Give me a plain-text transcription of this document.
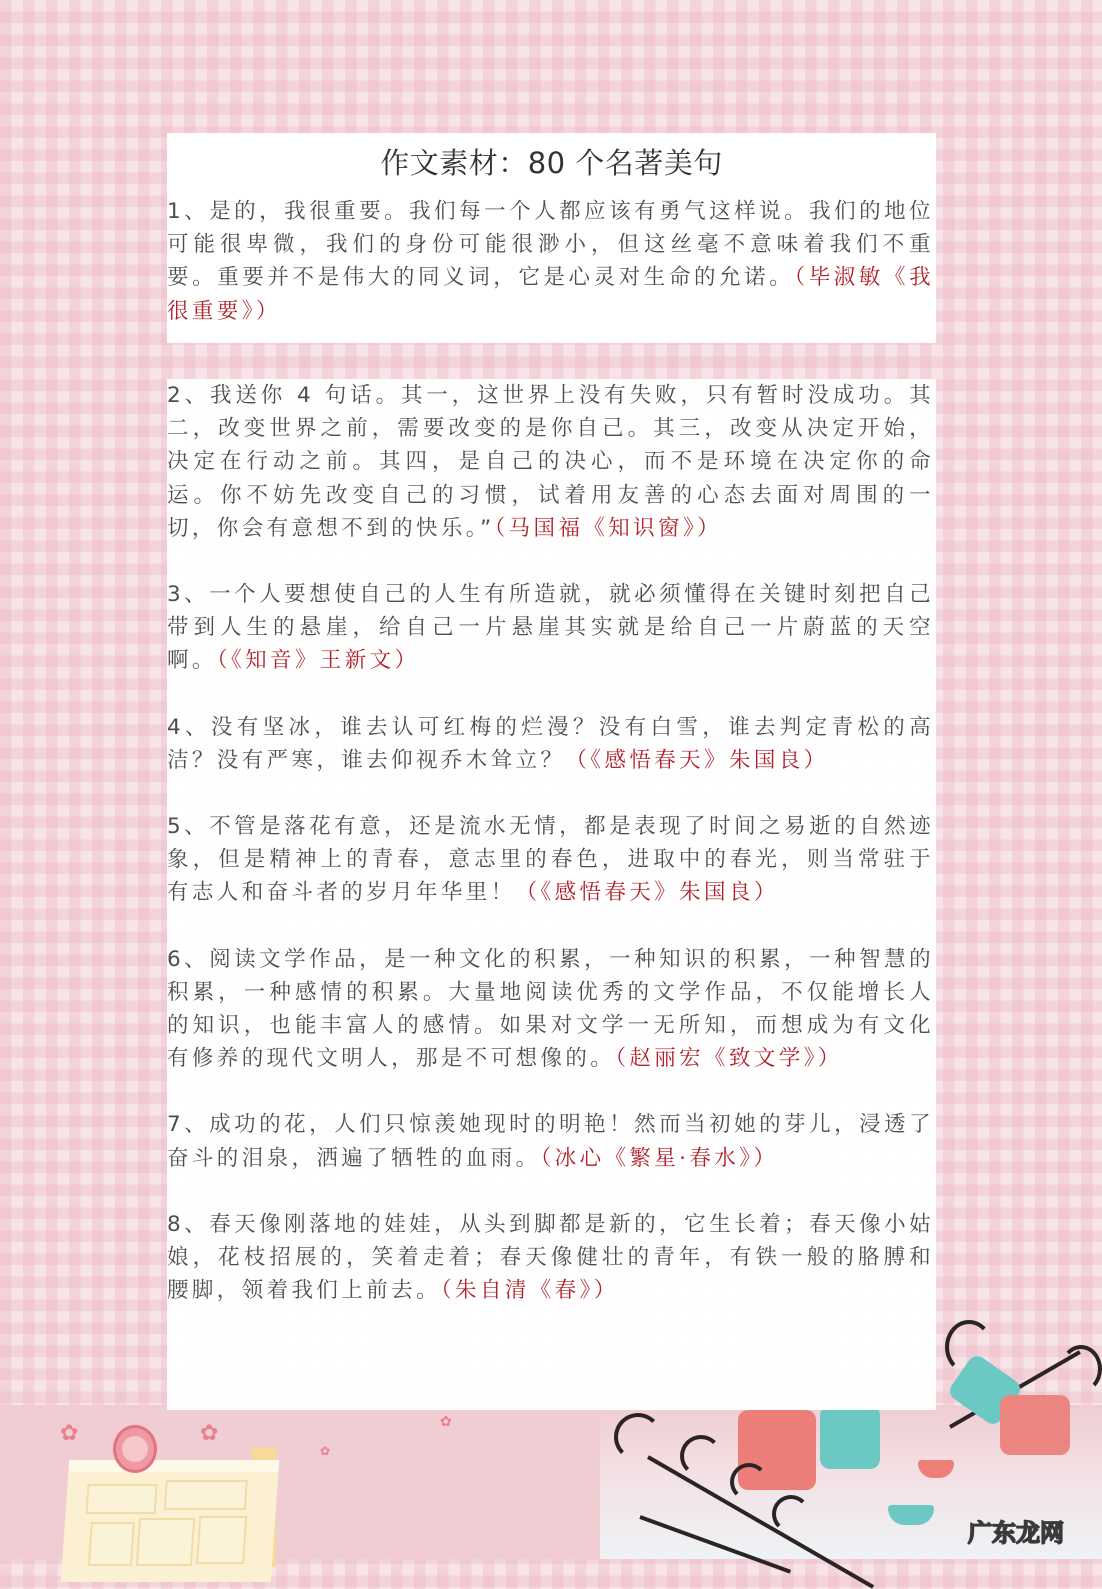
✿	✿
✿
✿
作文素材：80 个名著美句

1、是的，我很重要。我们每一个人都应该有勇气这样说。我们的地位可能很卑微，我们的身份可能很渺小，但这丝毫不意味着我们不重要。重要并不是伟大的同义词，它是心灵对生命的允诺。（毕淑敏《我很重要》）

2、我送你 4 句话。其一，这世界上没有失败，只有暂时没成功。其二，改变世界之前，需要改变的是你自己。其三，改变从决定开始，决定在行动之前。其四，是自己的决心，而不是环境在决定你的命运。你不妨先改变自己的习惯，试着用友善的心态去面对周围的一切，你会有意想不到的快乐。”（马国福《知识窗》）

3、一个人要想使自己的人生有所造就，就必须懂得在关键时刻把自己带到人生的悬崖，给自己一片悬崖其实就是给自己一片蔚蓝的天空啊。（《知音》王新文）

4、没有坚冰，谁去认可红梅的烂漫？没有白雪，谁去判定青松的高洁？没有严寒，谁去仰视乔木耸立？（《感悟春天》朱国良）

5、不管是落花有意，还是流水无情，都是表现了时间之易逝的自然迹象，但是精神上的青春，意志里的春色，进取中的春光，则当常驻于有志人和奋斗者的岁月年华里！（《感悟春天》朱国良）

6、阅读文学作品，是一种文化的积累，一种知识的积累，一种智慧的积累，一种感情的积累。大量地阅读优秀的文学作品，不仅能增长人的知识，也能丰富人的感情。如果对文学一无所知，而想成为有文化有修养的现代文明人，那是不可想像的。（赵丽宏《致文学》）

7、成功的花，人们只惊羡她现时的明艳！然而当初她的芽儿，浸透了奋斗的泪泉，洒遍了牺牲的血雨。（冰心《繁星·春水》）

8、春天像刚落地的娃娃，从头到脚都是新的，它生长着；春天像小姑娘，花枝招展的，笑着走着；春天像健壮的青年，有铁一般的胳膊和腰脚，领着我们上前去。（朱自清《春》）

广东龙网
